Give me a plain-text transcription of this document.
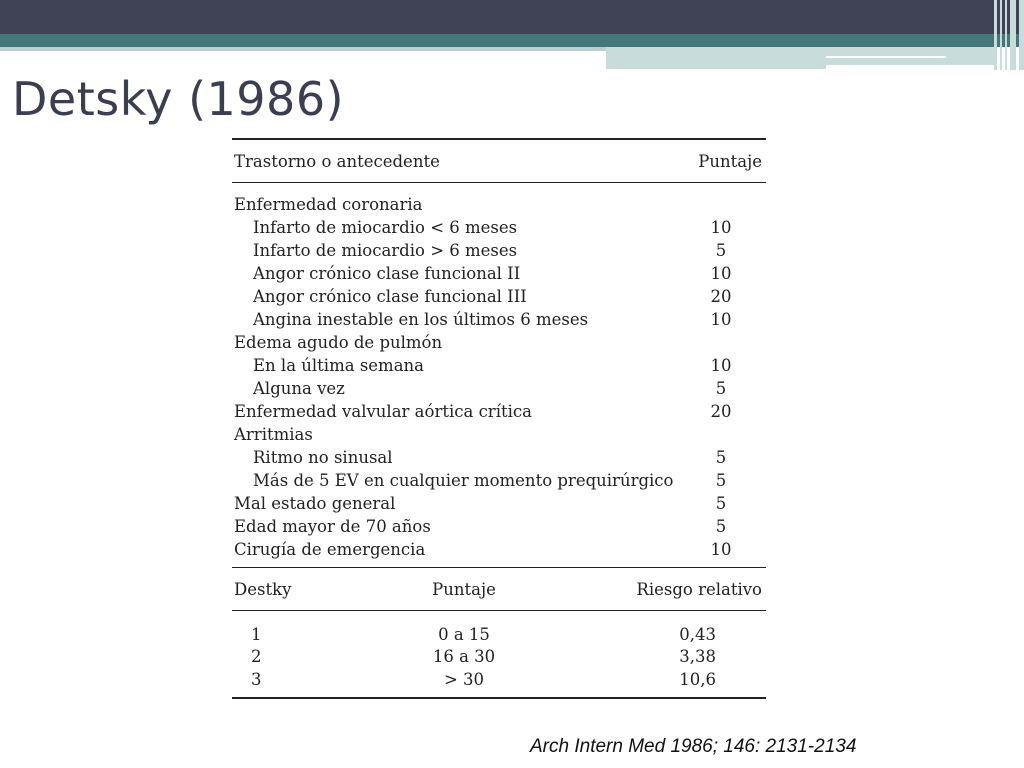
Detsky (1986)
Trastorno o antecedente	Puntaje
Enfermedad coronaria
Infarto de miocardio < 6 meses	10
Infarto de miocardio > 6 meses	5
Angor crónico clase funcional II	10
Angor crónico clase funcional III	20
Angina inestable en los últimos 6 meses	10
Edema agudo de pulmón
En la última semana	10
Alguna vez	5
Enfermedad valvular aórtica crítica	20
Arritmias
Ritmo no sinusal	5
Más de 5 EV en cualquier momento prequirúrgico	5
Mal estado general	5
Edad mayor de 70 años	5
Cirugía de emergencia	10
Destky	Puntaje	Riesgo relativo
1	0 a 15	0,43
2	16 a 30	3,38
3	> 30	10,6
Arch Intern Med 1986; 146: 2131-2134
